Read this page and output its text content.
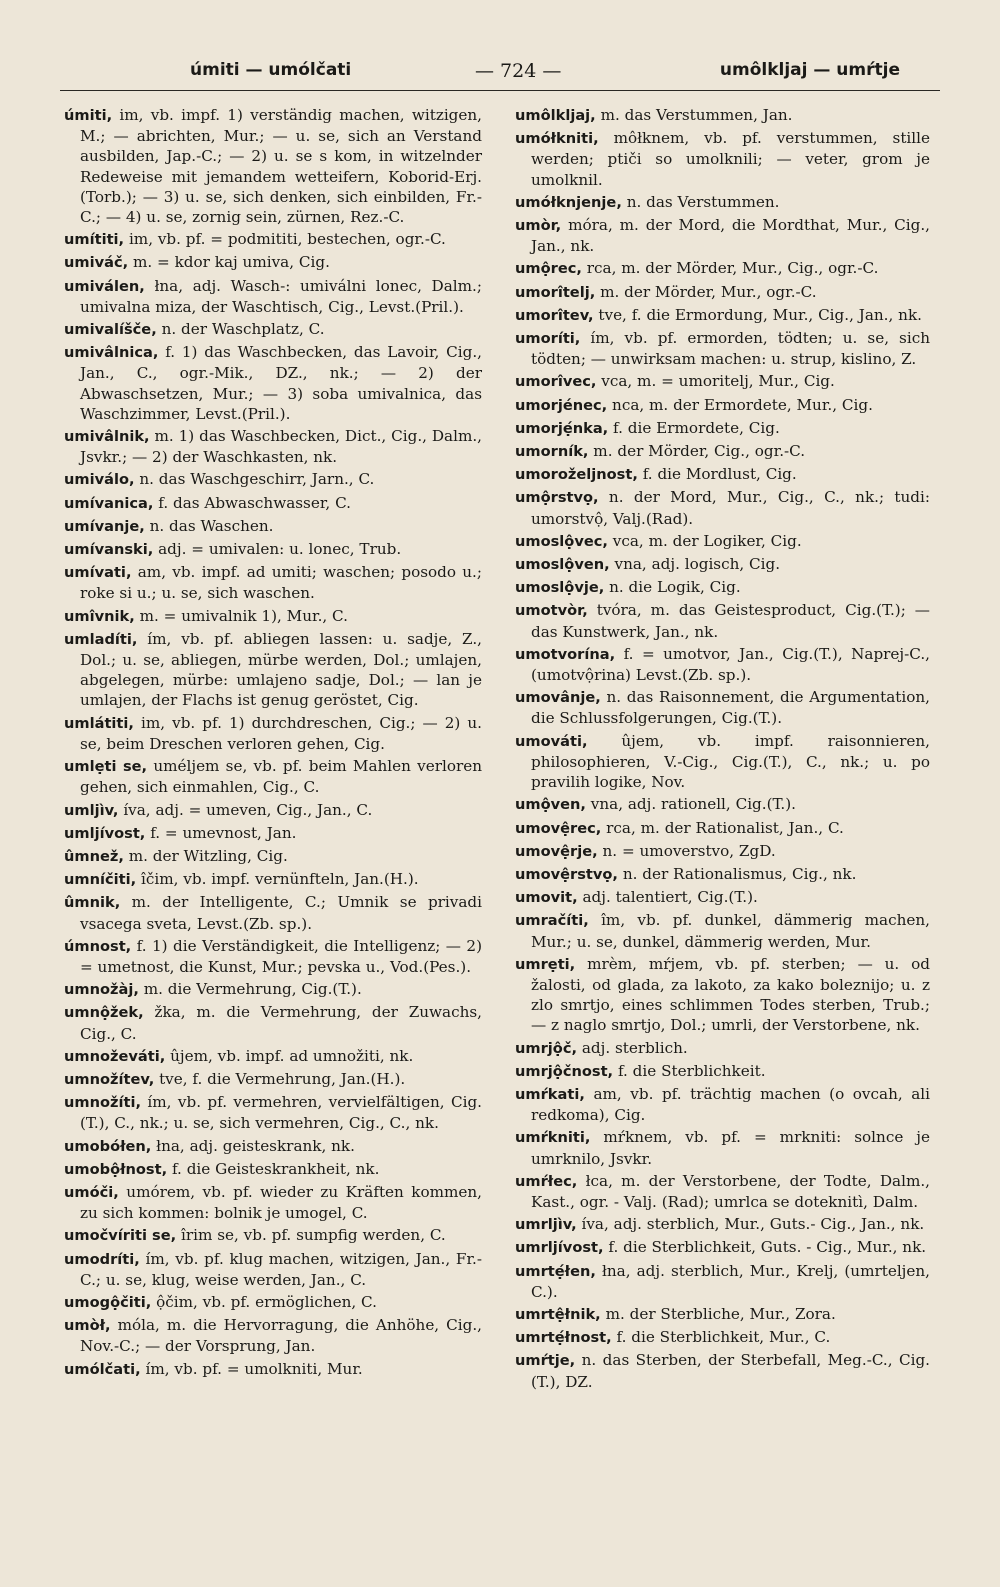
úmiti — umólčati	— 724 —	umôlkljaj — umŕtje
úmiti, im, vb. impf. 1) verständig machen, witzigen, M.; — abrichten, Mur.; — u. se, sich an Verstand ausbilden, Jap.-C.; — 2) u. se s kom, in witzelnder Redeweise mit jemandem wetteifern, Koborid-Erj.(Torb.); — 3) u. se, sich denken, sich einbilden, Fr.-C.; — 4) u. se, zornig sein, zürnen, Rez.-C.
umítiti, im, vb. pf. = podmititi, bestechen, ogr.-C.
umiváč, m. = kdor kaj umiva, Cig.
umiválen, łna, adj. Wasch-: umiválni lonec, Dalm.; umivalna miza, der Waschtisch, Cig., Levst.(Pril.).
umivalíšče, n. der Waschplatz, C.
umivâlnica, f. 1) das Waschbecken, das Lavoir, Cig., Jan., C., ogr.-Mik., DZ., nk.; — 2) der Abwaschsetzen, Mur.; — 3) soba umivalnica, das Waschzimmer, Levst.(Pril.).
umivâlnik, m. 1) das Waschbecken, Dict., Cig., Dalm., Jsvkr.; — 2) der Waschkasten, nk.
umiválo, n. das Waschgeschirr, Jarn., C.
umívanica, f. das Abwaschwasser, C.
umívanje, n. das Waschen.
umívanski, adj. = umivalen: u. lonec, Trub.
umívati, am, vb. impf. ad umiti; waschen; posodo u.; roke si u.; u. se, sich waschen.
umîvnik, m. = umivalnik 1), Mur., C.
umladíti, ím, vb. pf. abliegen lassen: u. sadje, Z., Dol.; u. se, abliegen, mürbe werden, Dol.; umlajen, abgelegen, mürbe: umlajeno sadje, Dol.; — lan je umlajen, der Flachs ist genug geröstet, Cig.
umlátiti, im, vb. pf. 1) durchdreschen, Cig.; — 2) u. se, beim Dreschen verloren gehen, Cig.
umlẹti se, uméljem se, vb. pf. beim Mahlen verloren gehen, sich einmahlen, Cig., C.
umljìv, íva, adj. = umeven, Cig., Jan., C.
umljívost, f. = umevnost, Jan.
ûmnež, m. der Witzling, Cig.
umníčiti, îčim, vb. impf. vernünfteln, Jan.(H.).
ûmnik, m. der Intelligente, C.; Umnik se privadi vsacega sveta, Levst.(Zb. sp.).
úmnost, f. 1) die Verständigkeit, die Intelligenz; — 2) = umetnost, die Kunst, Mur.; pevska u., Vod.(Pes.).
umnožàj, m. die Vermehrung, Cig.(T.).
umnộžek, žka, m. die Vermehrung, der Zuwachs, Cig., C.
umnoževáti, ûjem, vb. impf. ad umnožiti, nk.
umnožítev, tve, f. die Vermehrung, Jan.(H.).
umnožíti, ím, vb. pf. vermehren, vervielfältigen, Cig.(T.), C., nk.; u. se, sich vermehren, Cig., C., nk.
umobółen, łna, adj. geisteskrank, nk.
umobộłnost, f. die Geisteskrankheit, nk.
umóči, umórem, vb. pf. wieder zu Kräften kommen, zu sich kommen: bolnik je umogel, C.
umočvíriti se, îrim se, vb. pf. sumpfig werden, C.
umodríti, ím, vb. pf. klug machen, witzigen, Jan., Fr.-C.; u. se, klug, weise werden, Jan., C.
umogộčiti, ộčim, vb. pf. ermöglichen, C.
umòł, móla, m. die Hervorragung, die Anhöhe, Cig., Nov.-C.; — der Vorsprung, Jan.
umólčati, ím, vb. pf. = umolkniti, Mur.
umôlkljaj, m. das Verstummen, Jan.
umółkniti, môłknem, vb. pf. verstummen, stille werden; ptiči so umolknili; — veter, grom je umolknil.
umółknjenje, n. das Verstummen.
umòr, móra, m. der Mord, die Mordthat, Mur., Cig., Jan., nk.
umộrec, rca, m. der Mörder, Mur., Cig., ogr.-C.
umorîtelj, m. der Mörder, Mur., ogr.-C.
umorîtev, tve, f. die Ermordung, Mur., Cig., Jan., nk.
umoríti, ím, vb. pf. ermorden, tödten; u. se, sich tödten; — unwirksam machen: u. strup, kislino, Z.
umorîvec, vca, m. = umoritelj, Mur., Cig.
umorjénec, nca, m. der Ermordete, Mur., Cig.
umorjẹ́nka, f. die Ermordete, Cig.
umorník, m. der Mörder, Cig., ogr.-C.
umoroželjnost, f. die Mordlust, Cig.
umộrstvọ, n. der Mord, Mur., Cig., C., nk.; tudi: umorstvộ, Valj.(Rad).
umoslộvec, vca, m. der Logiker, Cig.
umoslộven, vna, adj. logisch, Cig.
umoslộvje, n. die Logik, Cig.
umotvòr, tvóra, m. das Geistesproduct, Cig.(T.); — das Kunstwerk, Jan., nk.
umotvorína, f. = umotvor, Jan., Cig.(T.), Naprej-C., (umotvộrina) Levst.(Zb. sp.).
umovânje, n. das Raisonnement, die Argumentation, die Schlussfolgerungen, Cig.(T.).
umováti, ûjem, vb. impf. raisonnieren, philosophieren, V.-Cig., Cig.(T.), C., nk.; u. po pravilih logike, Nov.
umộven, vna, adj. rationell, Cig.(T.).
umovệrec, rca, m. der Rationalist, Jan., C.
umovệrje, n. = umoverstvo, ZgD.
umovệrstvọ, n. der Rationalismus, Cig., nk.
umovit, adj. talentiert, Cig.(T.).
umračíti, îm, vb. pf. dunkel, dämmerig machen, Mur.; u. se, dunkel, dämmerig werden, Mur.
umrẹti, mrèm, mŕjem, vb. pf. sterben; — u. od žalosti, od glada, za lakoto, za kako boleznijo; u. z zlo smrtjo, eines schlimmen Todes sterben, Trub.; — z naglo smrtjo, Dol.; umrli, der Verstorbene, nk.
umrjộč, adj. sterblich.
umrjộčnost, f. die Sterblichkeit.
umŕkati, am, vb. pf. trächtig machen (o ovcah, ali redkoma), Cig.
umŕkniti, mŕknem, vb. pf. = mrkniti: solnce je umrknilo, Jsvkr.
umŕłec, łca, m. der Verstorbene, der Todte, Dalm., Kast., ogr. - Valj. (Rad); umrlca se doteknitì, Dalm.
umrljìv, íva, adj. sterblich, Mur., Guts.- Cig., Jan., nk.
umrljívost, f. die Sterblichkeit, Guts. - Cig., Mur., nk.
umrtẹ́łen, łna, adj. sterblich, Mur., Krelj, (umrteljen, C.).
umrtệłnik, m. der Sterbliche, Mur., Zora.
umrtẹ́łnost, f. die Sterblichkeit, Mur., C.
umŕtje, n. das Sterben, der Sterbefall, Meg.-C., Cig.(T.), DZ.
